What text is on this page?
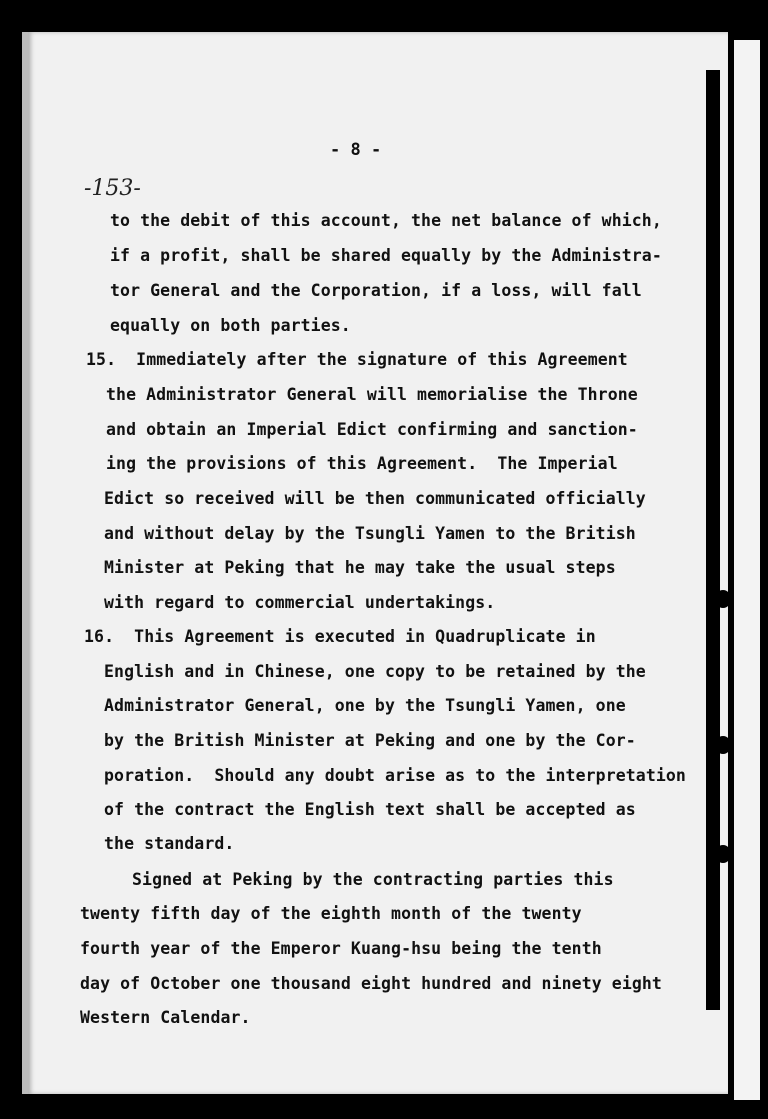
- 8 -
-153-
to the debit of this account, the net balance of which,
if a profit, shall be shared equally by the Administra-
tor General and the Corporation, if a loss, will fall
equally on both parties.
15.  Immediately after the signature of this Agreement
the Administrator General will memorialise the Throne
and obtain an Imperial Edict confirming and sanction-
ing the provisions of this Agreement.  The Imperial
Edict so received will be then communicated officially
and without delay by the Tsungli Yamen to the British
Minister at Peking that he may take the usual steps
with regard to commercial undertakings.
16.  This Agreement is executed in Quadruplicate in
English and in Chinese, one copy to be retained by the
Administrator General, one by the Tsungli Yamen, one
by the British Minister at Peking and one by the Cor-
poration.  Should any doubt arise as to the interpretation
of the contract the English text shall be accepted as
the standard.
Signed at Peking by the contracting parties this
twenty fifth day of the eighth month of the twenty
fourth year of the Emperor Kuang-hsu being the tenth
day of October one thousand eight hundred and ninety eight
Western Calendar.
